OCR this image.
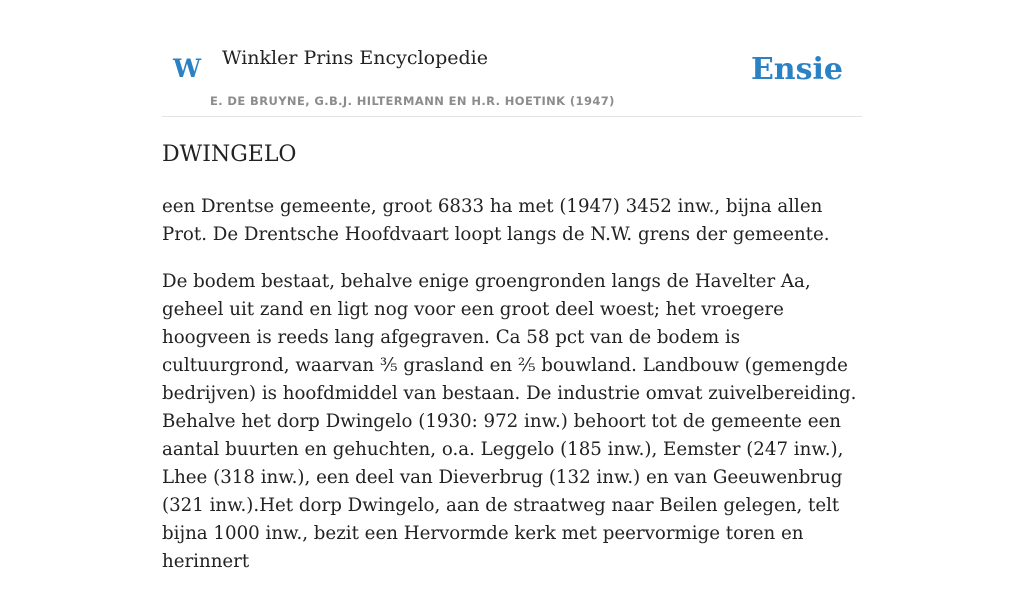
W Winkler Prins Encyclopedie
E. DE BRUYNE, G.B.J. HILTERMANN EN H.R. HOETINK (1947)
Ensie
DWINGELO

een Drentse gemeente, groot 6833 ha met (1947) 3452 inw., bijna allen Prot. De Drentsche Hoofdvaart loopt langs de N.W. grens der gemeente.

De bodem bestaat, behalve enige groengronden langs de Havelter Aa, geheel uit zand en ligt nog voor een groot deel woest; het vroegere hoogveen is reeds lang afgegraven. Ca 58 pct van de bodem is cultuurgrond, waarvan ³⁄₅ grasland en ²⁄₅ bouwland. Landbouw (gemengde bedrijven) is hoofdmiddel van bestaan. De industrie omvat zuivelbereiding. Behalve het dorp Dwingelo (1930: 972 inw.) behoort tot de gemeente een aantal buurten en gehuchten, o.a. Leggelo (185 inw.), Eemster (247 inw.), Lhee (318 inw.), een deel van Dieverbrug (132 inw.) en van Geeuwenbrug (321 inw.).Het dorp Dwingelo, aan de straatweg naar Beilen gelegen, telt bijna 1000 inw., bezit een Hervormde kerk met peervormige toren en herinnert
